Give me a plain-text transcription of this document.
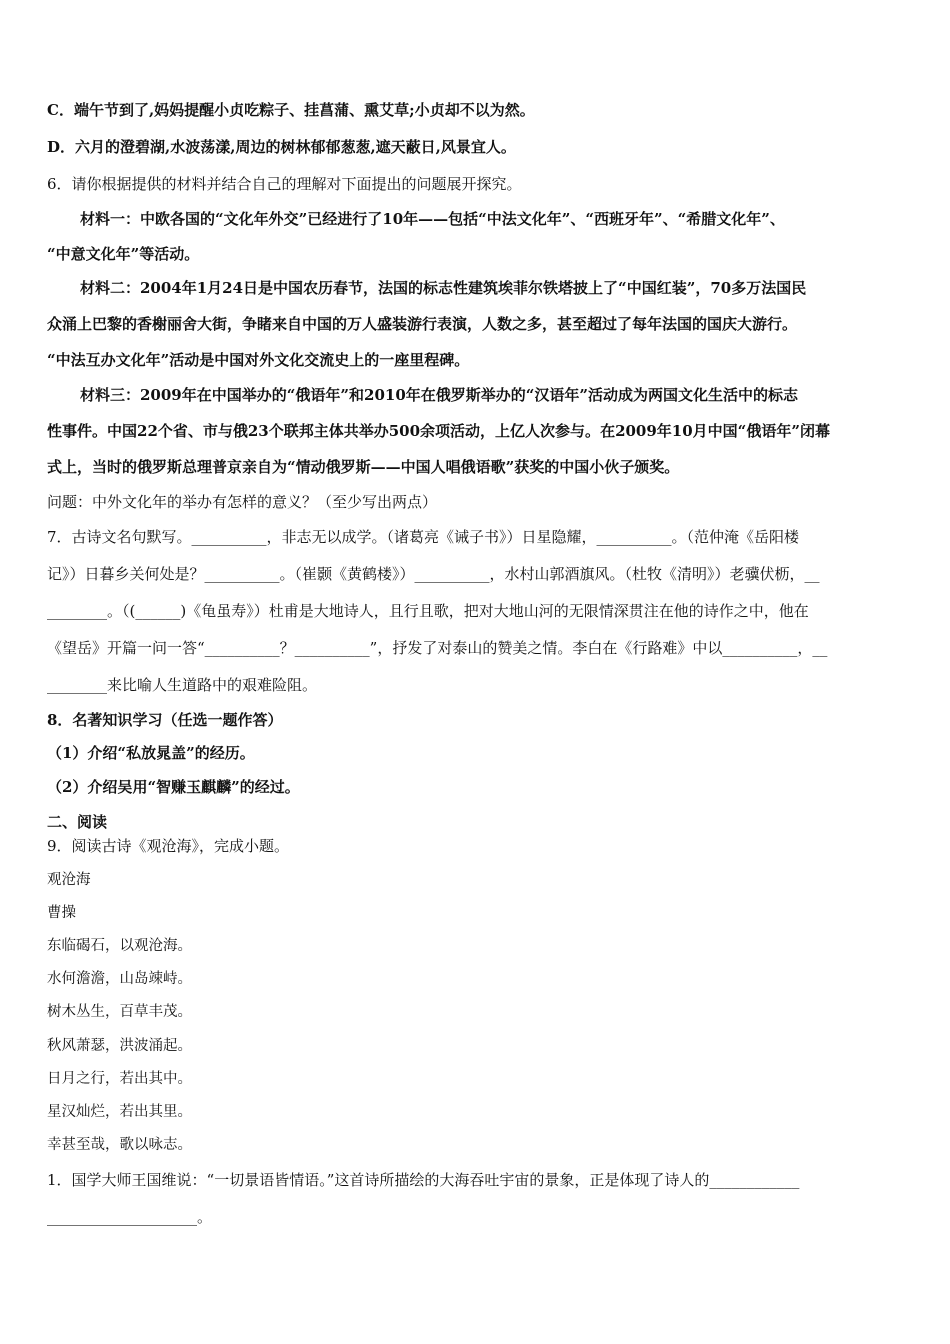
C．端午节到了,妈妈提醒小贞吃粽子、挂菖蒲、熏艾草;小贞却不以为然。
D．六月的澄碧湖,水波荡漾,周边的树林郁郁葱葱,遮天蔽日,风景宜人。
6．请你根据提供的材料并结合自己的理解对下面提出的问题展开探究。
材料一：中欧各国的“文化年外交”已经进行了10年——包括“中法文化年”、“西班牙年”、“希腊文化年”、
“中意文化年”等活动。
材料二：2004年1月24日是中国农历春节，法国的标志性建筑埃菲尔铁塔披上了“中国红装”，70多万法国民
众涌上巴黎的香榭丽舍大街，争睹来自中国的万人盛装游行表演，人数之多，甚至超过了每年法国的国庆大游行。
“中法互办文化年”活动是中国对外文化交流史上的一座里程碑。
材料三：2009年在中国举办的“俄语年”和2010年在俄罗斯举办的“汉语年”活动成为两国文化生活中的标志
性事件。中国22个省、市与俄23个联邦主体共举办500余项活动，上亿人次参与。在2009年10月中国“俄语年”闭幕
式上，当时的俄罗斯总理普京亲自为“情动俄罗斯——中国人唱俄语歌”获奖的中国小伙子颁奖。
问题：中外文化年的举办有怎样的意义？（至少写出两点）
7．古诗文名句默写。__________，非志无以成学。（诸葛亮《诫子书》）日星隐耀，__________。（范仲淹《岳阳楼
记》）日暮乡关何处是？__________。（崔颢《黄鹤楼》）__________，水村山郭酒旗风。（杜牧《清明》）老骥伏枥，__
________。（(______)《龟虽寿》）杜甫是大地诗人，且行且歌，把对大地山河的无限情深贯注在他的诗作之中，他在
《望岳》开篇一问一答“__________？__________”，抒发了对泰山的赞美之情。李白在《行路难》中以__________，__
________来比喻人生道路中的艰难险阻。
8．名著知识学习（任选一题作答）
（1）介绍“私放晁盖”的经历。
（2）介绍吴用“智赚玉麒麟”的经过。
二、阅读
9．阅读古诗《观沧海》，完成小题。
观沧海
曹操
东临碣石，以观沧海。
水何澹澹，山岛竦峙。
树木丛生，百草丰茂。
秋风萧瑟，洪波涌起。
日月之行，若出其中。
星汉灿烂，若出其里。
幸甚至哉，歌以咏志。
1．国学大师王国维说：“一切景语皆情语。”这首诗所描绘的大海吞吐宇宙的景象，正是体现了诗人的____________
____________________。
